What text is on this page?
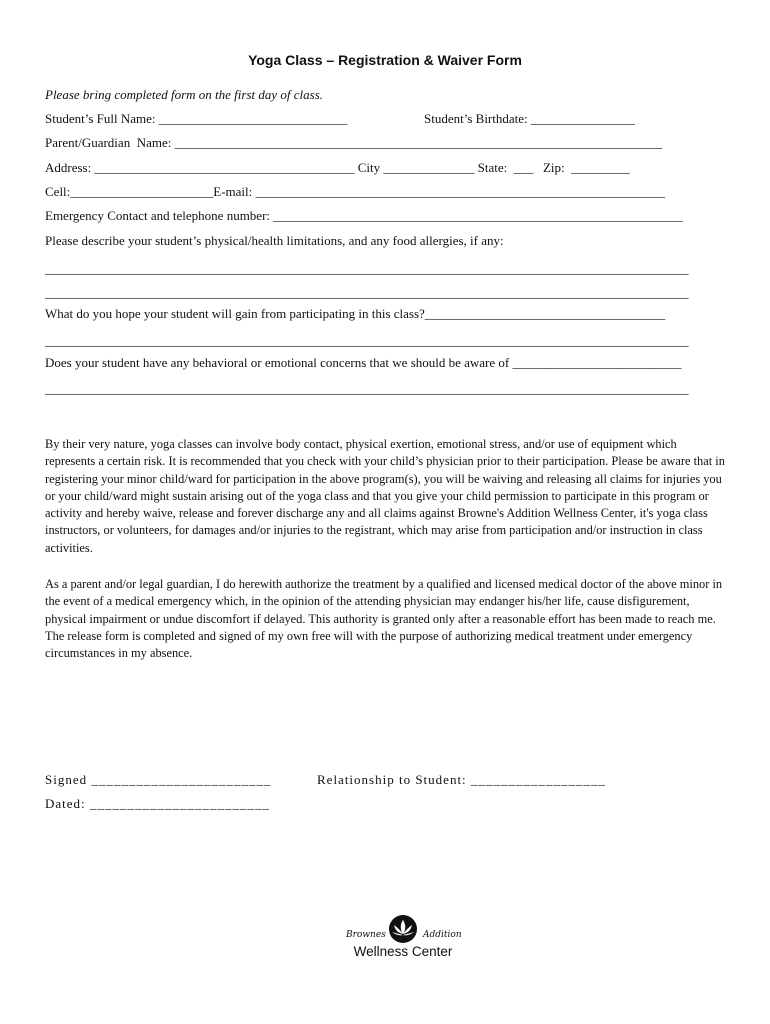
Yoga Class – Registration & Waiver Form
Please bring completed form on the first day of class.
Student’s Full Name: _____________________________	Student’s Birthdate: ________________
Parent/Guardian  Name: ___________________________________________________________________________
Address: ________________________________________ City ______________ State:  ___   Zip:  _________
Cell:______________________E-mail: _______________________________________________________________
Emergency Contact and telephone number: _______________________________________________________________
Please describe your student’s physical/health limitations, and any food allergies, if any:
___________________________________________________________________________________________________
___________________________________________________________________________________________________
What do you hope your student will gain from participating in this class?_____________________________________
___________________________________________________________________________________________________
Does your student have any behavioral or emotional concerns that we should be aware of __________________________
___________________________________________________________________________________________________
By their very nature, yoga classes can involve body contact, physical exertion, emotional stress, and/or use of equipment which represents a certain risk. It is recommended that you check with your child’s physician prior to their participation. Please be aware that in registering your minor child/ward for participation in the above program(s), you will be waiving and releasing all claims for injuries you or your child/ward might sustain arising out of the yoga class and that you give your child permission to participate in this program or activity and hereby waive, release and forever discharge any and all claims against Browne's Addition Wellness Center, it's yoga class instructors, or volunteers, for damages and/or injuries to the registrant, which may arise from participation and/or instruction in class activities.
As a parent and/or legal guardian, I do herewith authorize the treatment by a qualified and licensed medical doctor of the above minor in the event of a medical emergency which, in the opinion of the attending physician may endanger his/her life, cause disfigurement, physical impairment or undue discomfort if delayed. This authority is granted only after a reasonable effort has been made to reach me. The release form is completed and signed of my own free will with the purpose of authorizing medical treatment under emergency circumstances in my absence.
Signed ________________________	Relationship to Student: __________________
Dated: ________________________
Brownes	Addition
Wellness Center
